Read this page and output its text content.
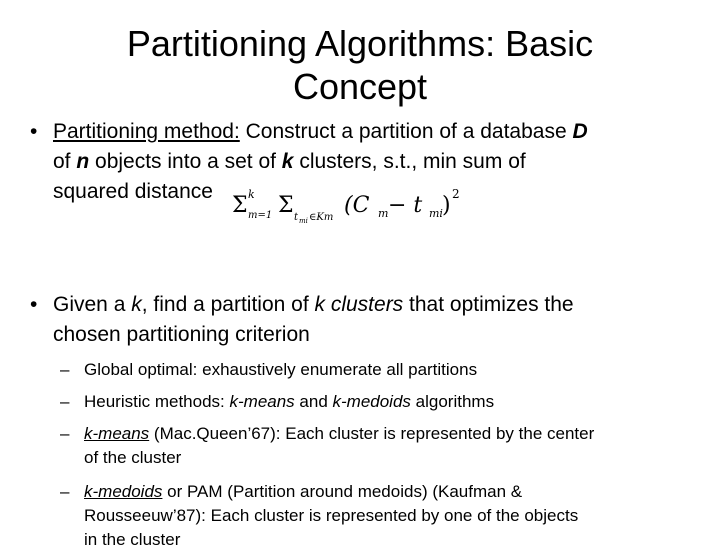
Partitioning Algorithms: Basic
Concept
• Partitioning method: Construct a partition of a database D
of n objects into a set of k clusters, s.t., min sum of
squared distance
Σ k
m=1 Σ t mi ∈Km (C m − t mi ) 2
• Given a k, find a partition of k clusters that optimizes the
chosen partitioning criterion
– Global optimal: exhaustively enumerate all partitions
– Heuristic methods: k-means and k-medoids algorithms
– k-means (Mac.Queen’67): Each cluster is represented by the center
of the cluster
– k-medoids or PAM (Partition around medoids) (Kaufman &
Rousseeuw’87): Each cluster is represented by one of the objects
in the cluster
